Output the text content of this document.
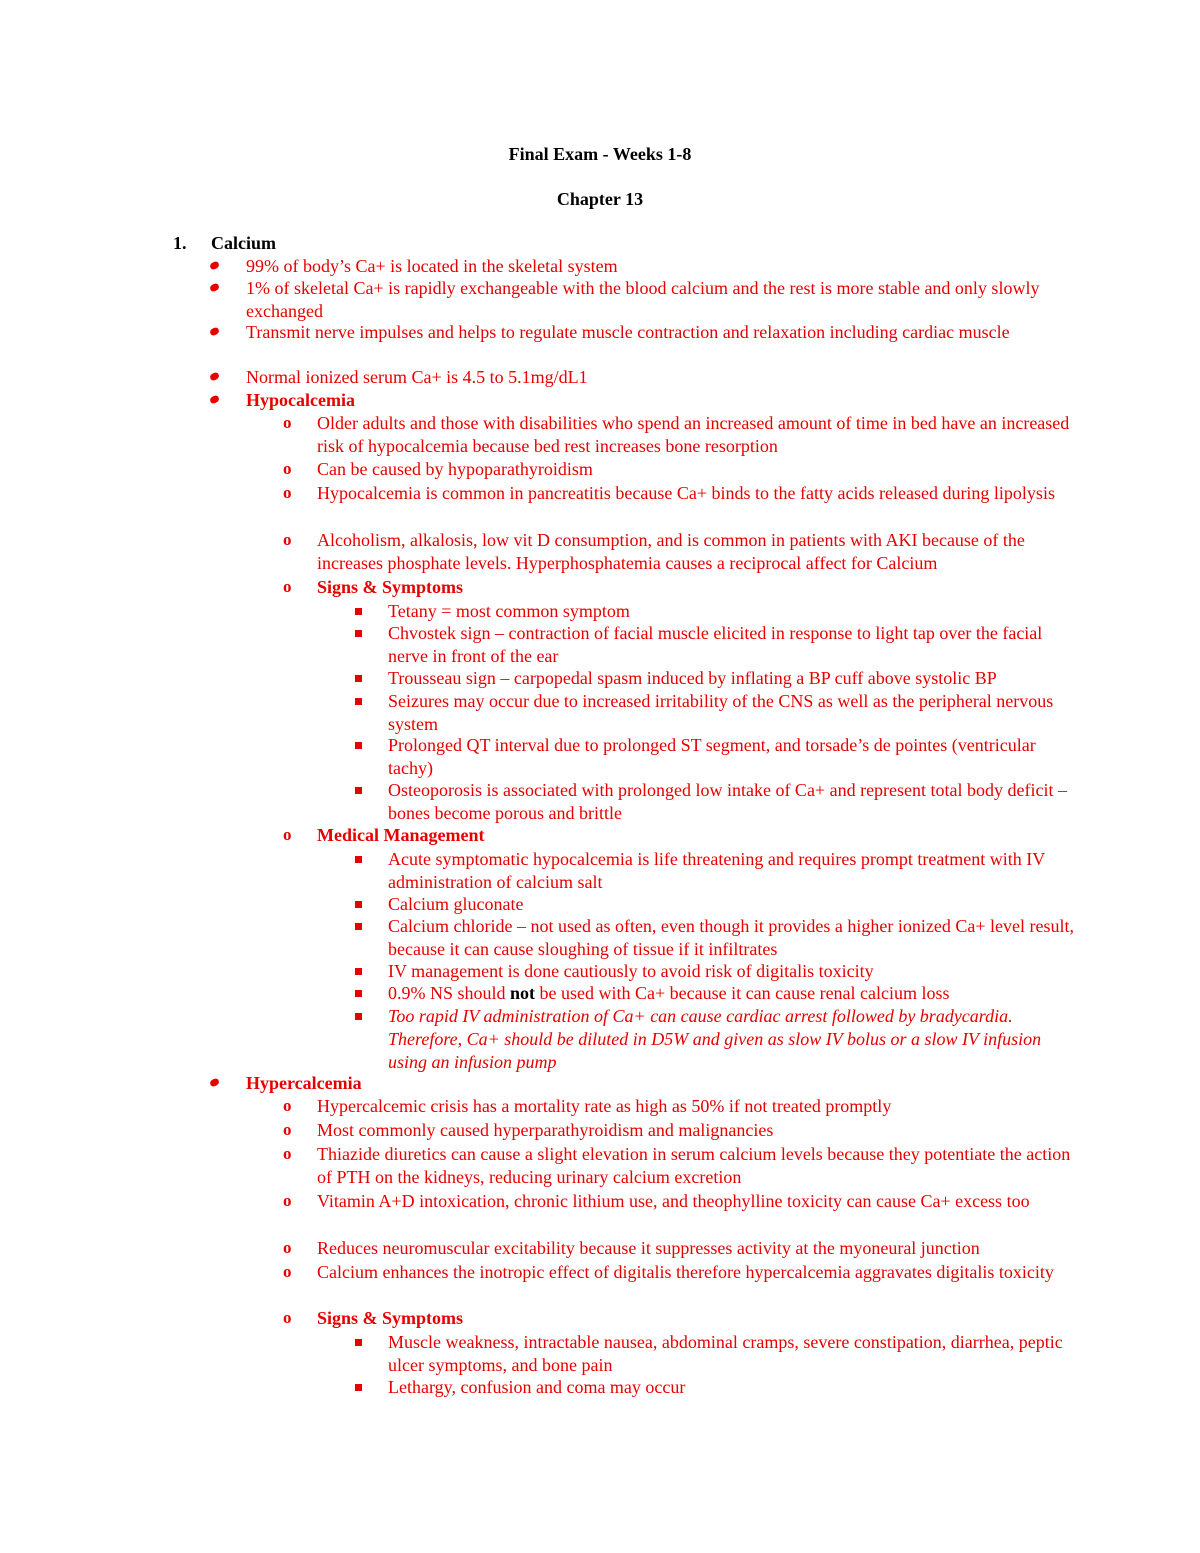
Final Exam - Weeks 1-8
Chapter 13
1. Calcium
99% of body’s Ca+ is located in the skeletal system
1% of skeletal Ca+ is rapidly exchangeable with the blood calcium and the rest is more stable and only slowly exchanged
Transmit nerve impulses and helps to regulate muscle contraction and relaxation including cardiac muscle
Normal ionized serum Ca+ is 4.5 to 5.1mg/dL1
Hypocalcemia
o Older adults and those with disabilities who spend an increased amount of time in bed have an increased risk of hypocalcemia because bed rest increases bone resorption
o Can be caused by hypoparathyroidism
o Hypocalcemia is common in pancreatitis because Ca+ binds to the fatty acids released during lipolysis
o Alcoholism, alkalosis, low vit D consumption, and is common in patients with AKI because of the increases phosphate levels. Hyperphosphatemia causes a reciprocal affect for Calcium
o Signs & Symptoms
Tetany = most common symptom
Chvostek sign – contraction of facial muscle elicited in response to light tap over the facial nerve in front of the ear
Trousseau sign – carpopedal spasm induced by inflating a BP cuff above systolic BP
Seizures may occur due to increased irritability of the CNS as well as the peripheral nervous system
Prolonged QT interval due to prolonged ST segment, and torsade’s de pointes (ventricular tachy)
Osteoporosis is associated with prolonged low intake of Ca+ and represent total body deficit – bones become porous and brittle
o Medical Management
Acute symptomatic hypocalcemia is life threatening and requires prompt treatment with IV administration of calcium salt
Calcium gluconate
Calcium chloride – not used as often, even though it provides a higher ionized Ca+ level result, because it can cause sloughing of tissue if it infiltrates
IV management is done cautiously to avoid risk of digitalis toxicity
0.9% NS should not be used with Ca+ because it can cause renal calcium loss
Too rapid IV administration of Ca+ can cause cardiac arrest followed by bradycardia. Therefore, Ca+ should be diluted in D5W and given as slow IV bolus or a slow IV infusion using an infusion pump
Hypercalcemia
o Hypercalcemic crisis has a mortality rate as high as 50% if not treated promptly
o Most commonly caused hyperparathyroidism and malignancies
o Thiazide diuretics can cause a slight elevation in serum calcium levels because they potentiate the action of PTH on the kidneys, reducing urinary calcium excretion
o Vitamin A+D intoxication, chronic lithium use, and theophylline toxicity can cause Ca+ excess too
o Reduces neuromuscular excitability because it suppresses activity at the myoneural junction
o Calcium enhances the inotropic effect of digitalis therefore hypercalcemia aggravates digitalis toxicity
o Signs & Symptoms
Muscle weakness, intractable nausea, abdominal cramps, severe constipation, diarrhea, peptic ulcer symptoms, and bone pain
Lethargy, confusion and coma may occur
